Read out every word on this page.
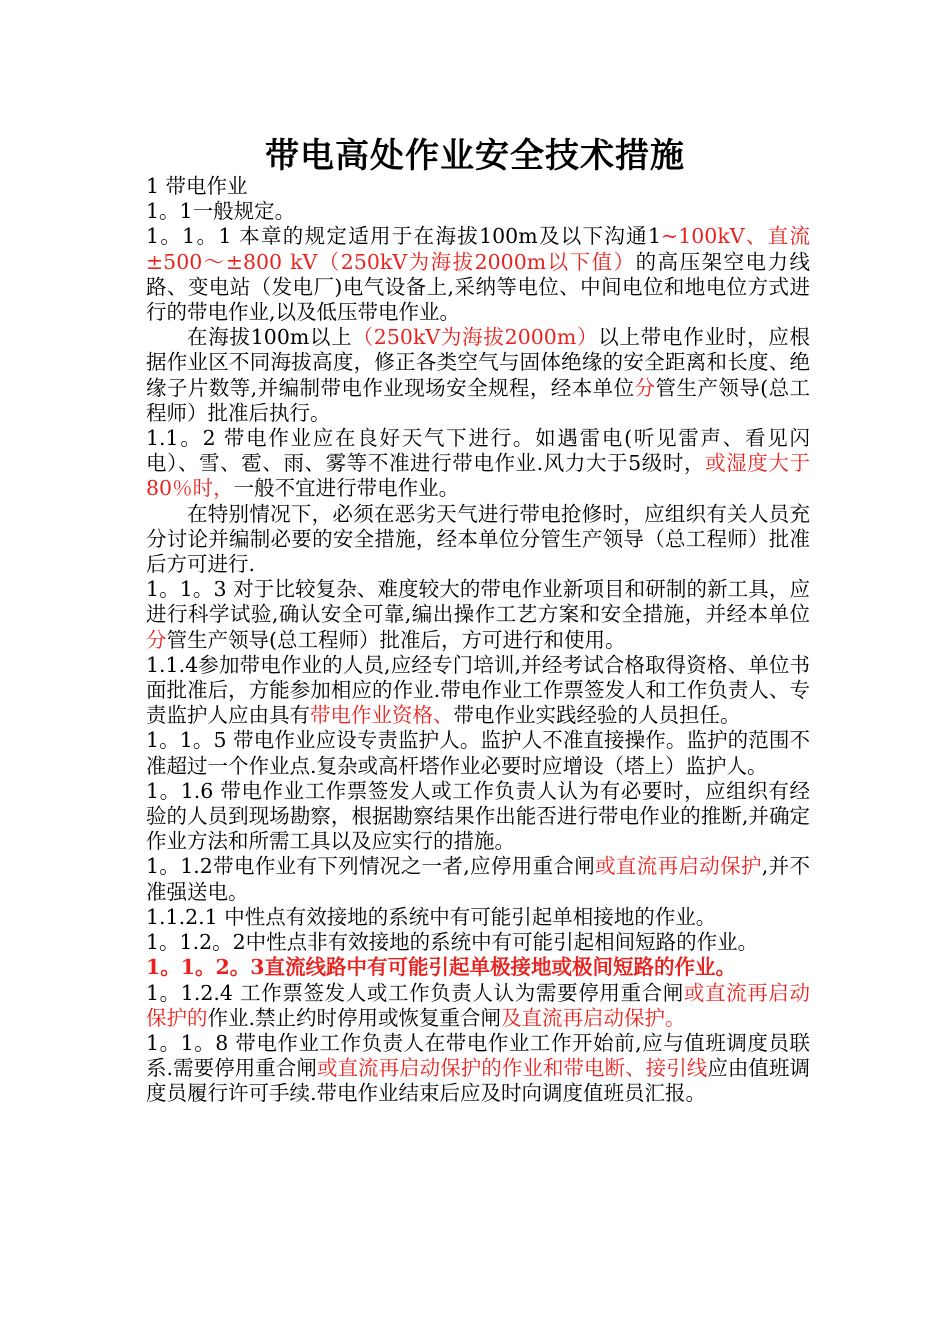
带电高处作业安全技术措施

1 带电作业

1。1一般规定。

1。1。1 本章的规定适用于在海拔100m及以下沟通1~100kV、直流±500～±800 kV（250kV为海拔2000m以下值）的高压架空电力线路、变电站（发电厂)电气设备上,采纳等电位、中间电位和地电位方式进行的带电作业,以及低压带电作业。

在海拔100m以上（250kV为海拔2000m）以上带电作业时，应根据作业区不同海拔高度，修正各类空气与固体绝缘的安全距离和长度、绝缘子片数等,并编制带电作业现场安全规程，经本单位分管生产领导(总工程师）批准后执行。

1.1。2 带电作业应在良好天气下进行。如遇雷电(听见雷声、看见闪电）、雪、雹、雨、雾等不准进行带电作业.风力大于5级时，或湿度大于80％时，一般不宜进行带电作业。

在特别情况下，必须在恶劣天气进行带电抢修时，应组织有关人员充分讨论并编制必要的安全措施，经本单位分管生产领导（总工程师）批准后方可进行.

1。1。3 对于比较复杂、难度较大的带电作业新项目和研制的新工具，应进行科学试验,确认安全可靠,编出操作工艺方案和安全措施，并经本单位分管生产领导(总工程师）批准后，方可进行和使用。

1.1.4参加带电作业的人员,应经专门培训,并经考试合格取得资格、单位书面批准后，方能参加相应的作业.带电作业工作票签发人和工作负责人、专责监护人应由具有带电作业资格、带电作业实践经验的人员担任。

1。1。5 带电作业应设专责监护人。监护人不准直接操作。监护的范围不准超过一个作业点.复杂或高杆塔作业必要时应增设（塔上）监护人。

1。1.6 带电作业工作票签发人或工作负责人认为有必要时，应组织有经验的人员到现场勘察，根据勘察结果作出能否进行带电作业的推断,并确定作业方法和所需工具以及应实行的措施。

1。1.2带电作业有下列情况之一者,应停用重合闸或直流再启动保护,并不准强送电。

1.1.2.1 中性点有效接地的系统中有可能引起单相接地的作业。

1。1.2。2中性点非有效接地的系统中有可能引起相间短路的作业。

1。1。2。3直流线路中有可能引起单极接地或极间短路的作业。

1。1.2.4 工作票签发人或工作负责人认为需要停用重合闸或直流再启动保护的作业.禁止约时停用或恢复重合闸及直流再启动保护。

1。1。8 带电作业工作负责人在带电作业工作开始前,应与值班调度员联系.需要停用重合闸或直流再启动保护的作业和带电断、接引线应由值班调度员履行许可手续.带电作业结束后应及时向调度值班员汇报。
